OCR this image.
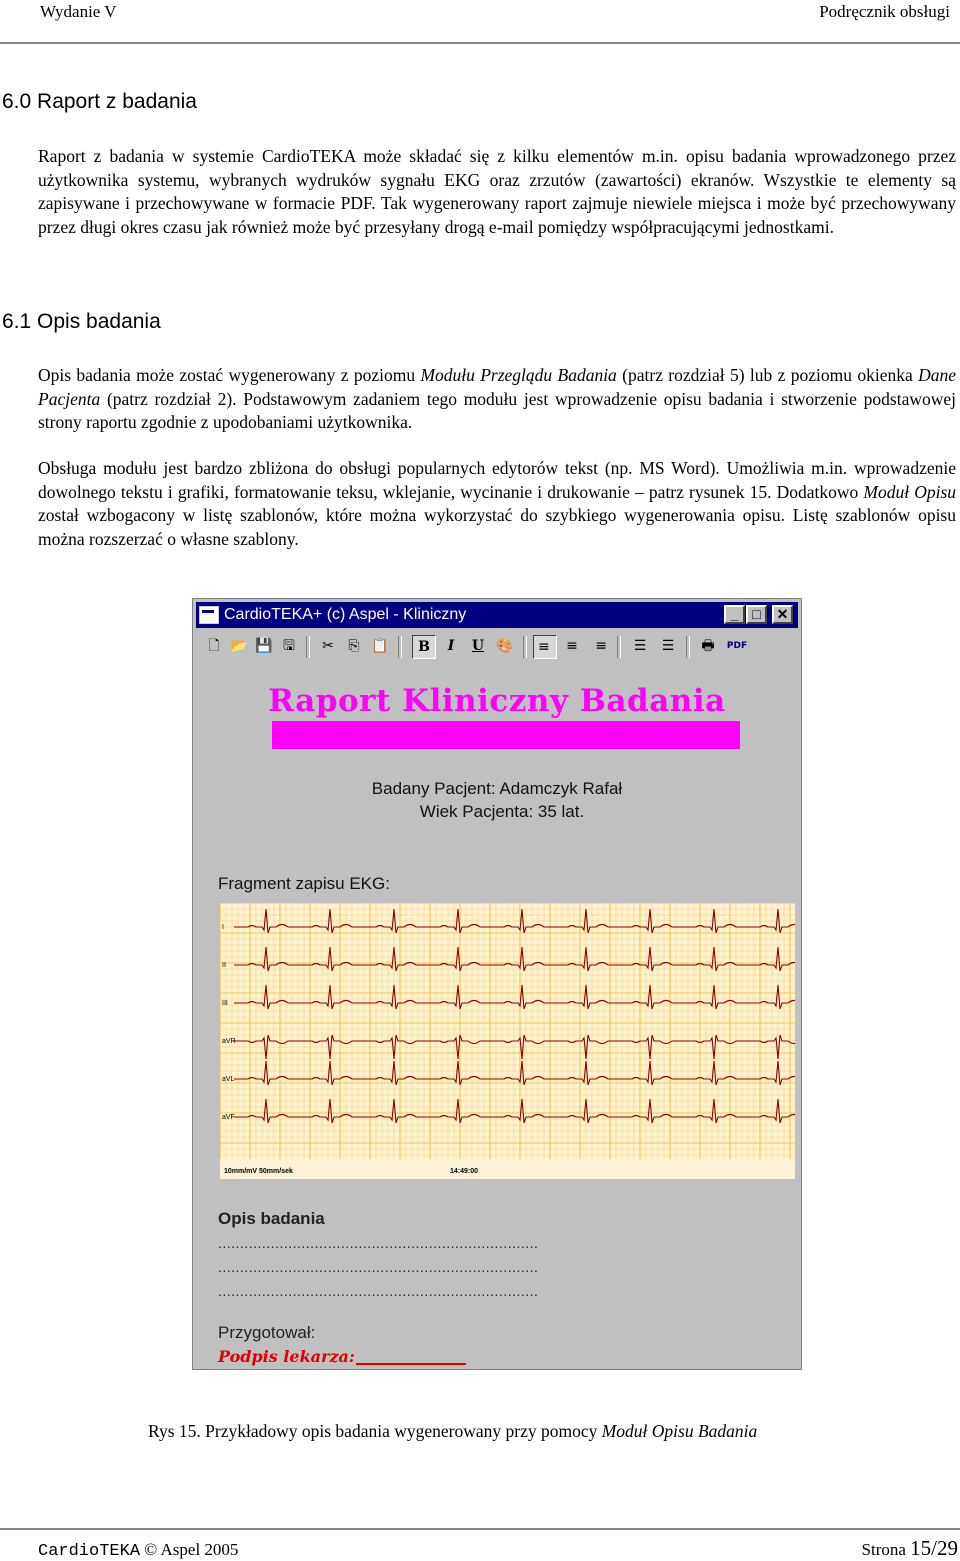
Wydanie V	Podręcznik obsługi
6.0 Raport z badania
Raport z badania w systemie CardioTEKA może składać się z kilku elementów m.in. opisu badania wprowadzonego przez użytkownika systemu, wybranych wydruków sygnału EKG oraz zrzutów (zawartości) ekranów. Wszystkie te elementy są zapisywane i przechowywane w formacie PDF. Tak wygenerowany raport zajmuje niewiele miejsca i może być przechowywany przez długi okres czasu jak również może być przesyłany drogą e-mail pomiędzy współpracującymi jednostkami.
6.1 Opis badania
Opis badania może zostać wygenerowany z poziomu Modułu Przeglądu Badania (patrz rozdział 5) lub z poziomu okienka Dane Pacjenta (patrz rozdział 2). Podstawowym zadaniem tego modułu jest wprowadzenie opisu badania i stworzenie podstawowej strony raportu zgodnie z upodobaniami użytkownika.
Obsługa modułu jest bardzo zbliżona do obsługi popularnych edytorów tekst (np. MS Word). Umożliwia m.in. wprowadzenie dowolnego tekstu i grafiki, formatowanie teksu, wklejanie, wycinanie i drukowanie – patrz rysunek 15. Dodatkowo Moduł Opisu został wzbogacony w listę szablonów, które można wykorzystać do szybkiego wygenerowania opisu. Listę szablonów opisu można rozszerzać o własne szablony.
CardioTEKA+ (c) Aspel - Kliniczny	_ □	✕
🗋 📂 💾 🖫	✂	⎘ 📋	B	I	U 🎨	≡	≡	≡	☰	☰	🖶	PDF
Raport Kliniczny Badania
Badany Pacjent: Adamczyk Rafał
Wiek Pacjenta: 35 lat.
Fragment zapisu EKG:
I
II
III
aVR
aVL
aVF
10mm/mV 50mm/sek	14:49:00
Opis badania
.........................................................................
.........................................................................
.........................................................................
Przygotował:
Podpis lekarza:
Rys 15. Przykładowy opis badania wygenerowany przy pomocy Moduł Opisu Badania
CardioTEKA © Aspel 2005	Strona 15/29
